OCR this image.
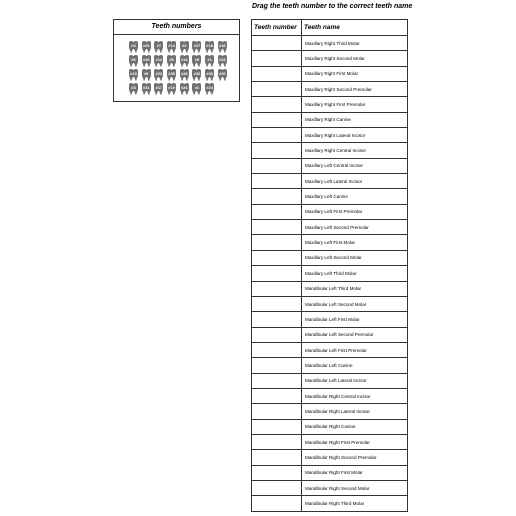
Drag the teeth number to the correct teeth name
Teeth numbers
#4	#29	#7	#14	#2	#27	#18	#16
#6	#10	#12	#5	#13	#9	#1	#23
#15	#8	#22	#25	#28	#32	#30	#20
#3	#31	#17	#19	#26	#1	#24
Teeth number	Teeth name
	Maxillary Right Third Molar
	Maxillary Right Second Molar
	Maxillary Right First Molar
	Maxillary Right Second Premolar
	Maxillary Right First Premolar
	Maxillary Right Canine
	Maxillary Right Lateral Incisor
	Maxillary Right Central Incisor
	Maxillary Left Central Incisor
	Maxillary Left Lateral Incisor
	Maxillary Left Canine
	Maxillary Left First Premolar
	Maxillary Left Second Premolar
	Maxillary Left First Molar
	Maxillary Left Second Molar
	Maxillary Left Third Molar
	Mandibular Left Third Molar
	Mandibular Left Second Molar
	Mandibular Left First Molar
	Mandibular Left Second Premolar
	Mandibular Left First Premolar
	Mandibular Left Canine
	Mandibular Left Lateral Incisor
	Mandibular Right Central Incisor
	Mandibular Right Lateral Incisor
	Mandibular Right Canine
	Mandibular Right First Premolar
	Mandibular Right Second Premolar
	Mandibular Right First Molar
	Mandibular Right Second Molar
	Mandibular Right Third Molar
